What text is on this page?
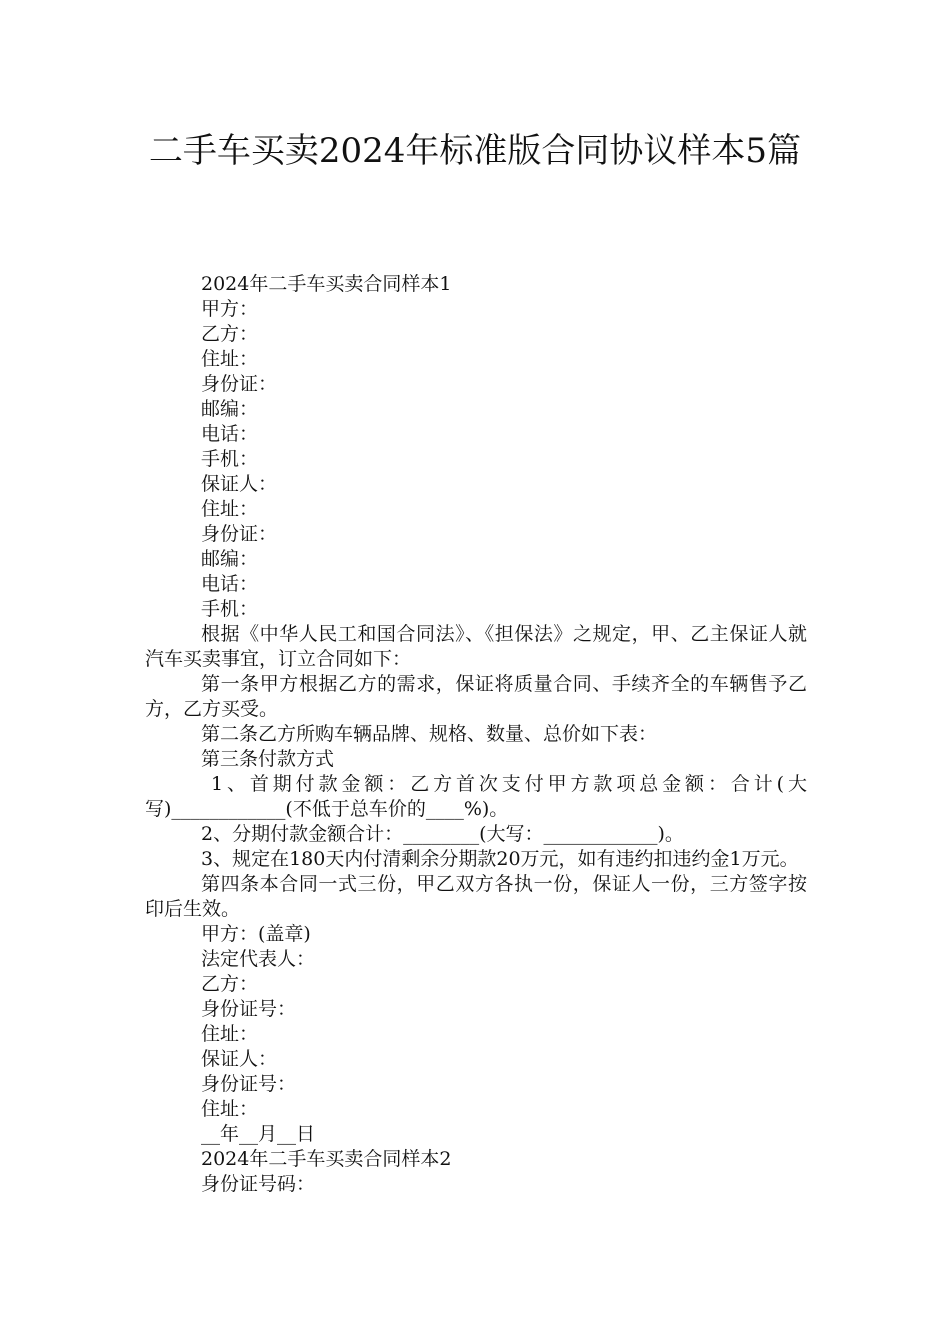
二手车买卖2024年标准版合同协议样本5篇

2024年二手车买卖合同样本1

甲方：

乙方：

住址：

身份证：

邮编：

电话：

手机：

保证人：

住址：

身份证：

邮编：

电话：

手机：

根据《中华人民工和国合同法》、《担保法》之规定，甲、乙主保证人就汽车买卖事宜，订立合同如下：

第一条甲方根据乙方的需求，保证将质量合同、手续齐全的车辆售予乙方，乙方买受。

第二条乙方所购车辆品牌、规格、数量、总价如下表：

第三条付款方式

1、首期付款金额：乙方首次支付甲方款项总金额：合计(大写)____________(不低于总车价的____%)。

2、分期付款金额合计：________(大写：____________)。

3、规定在180天内付清剩余分期款20万元，如有违约扣违约金1万元。

第四条本合同一式三份，甲乙双方各执一份，保证人一份，三方签字按印后生效。

甲方：(盖章)

法定代表人：

乙方：

身份证号：

住址：

保证人：

身份证号：

住址：

__年__月__日

2024年二手车买卖合同样本2

身份证号码：
